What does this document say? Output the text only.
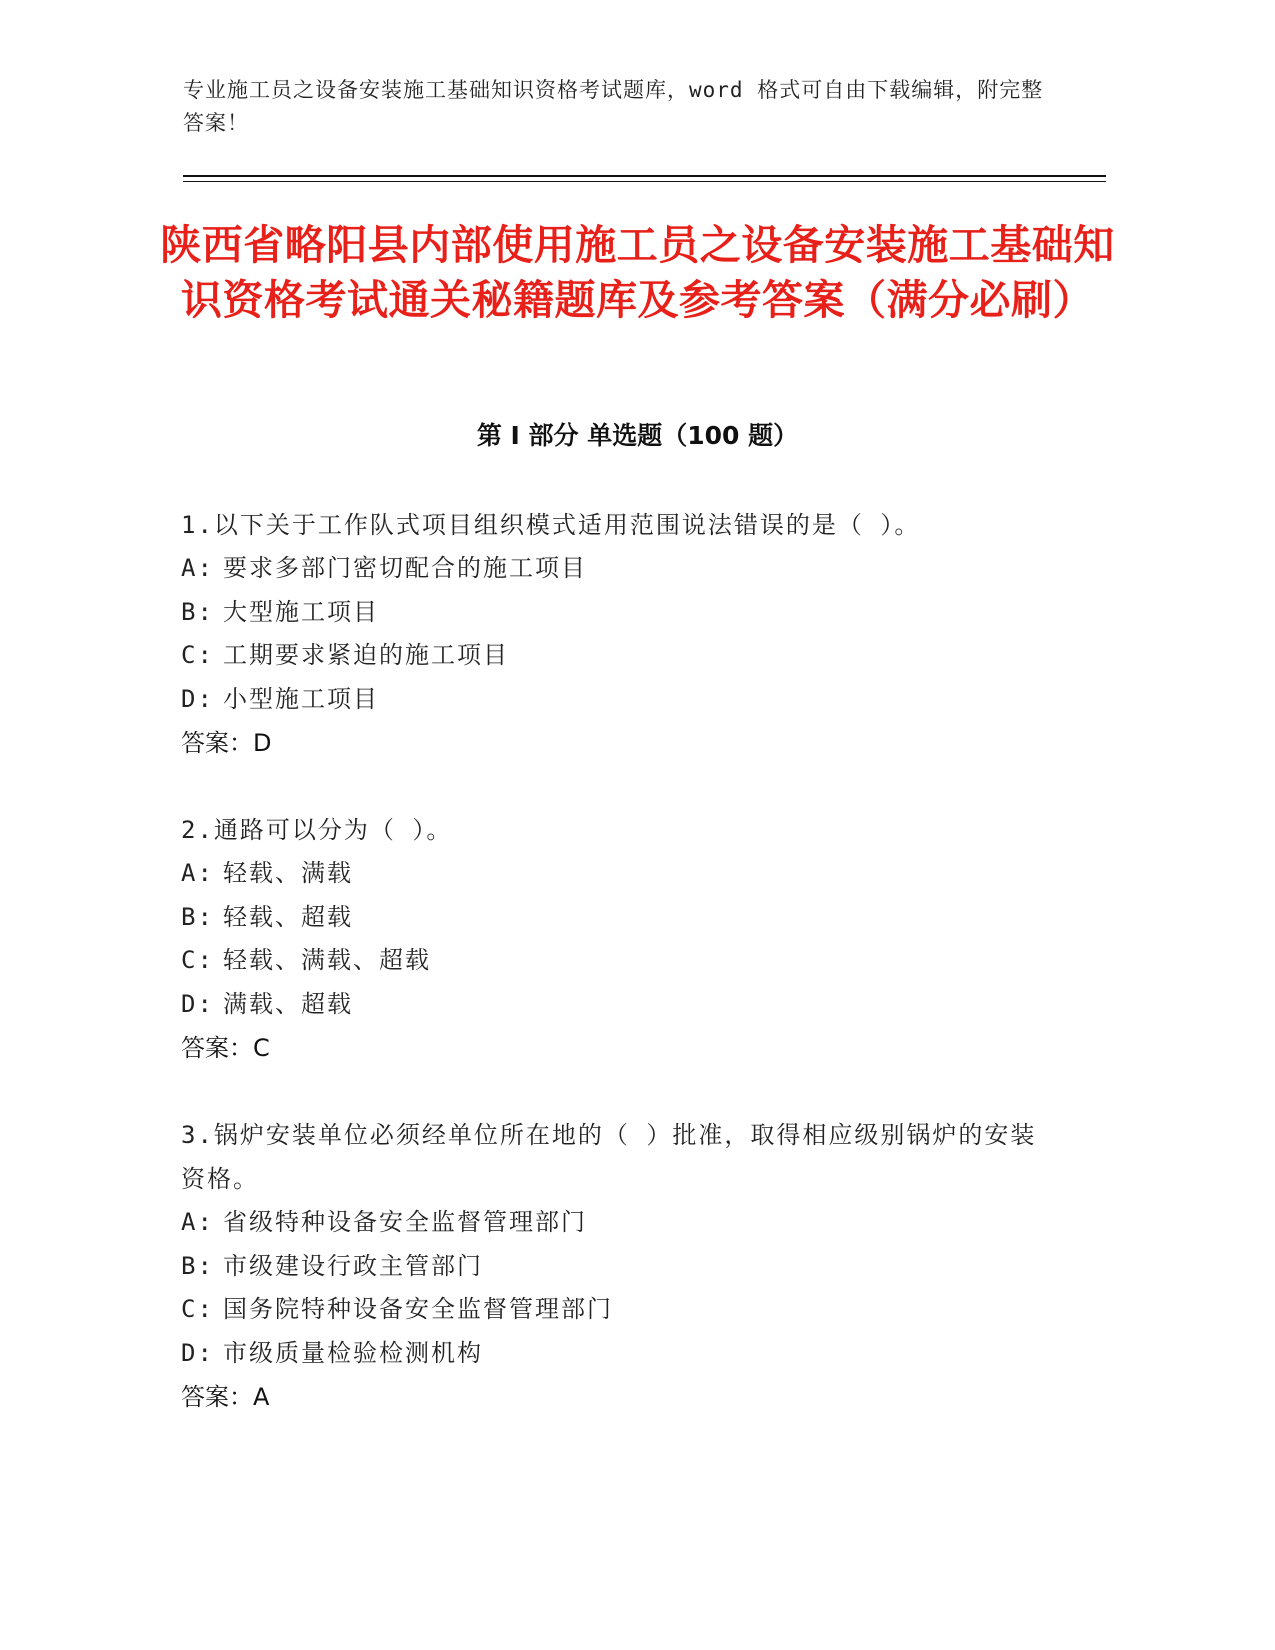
专业施工员之设备安装施工基础知识资格考试题库，word 格式可自由下载编辑，附完整答案！
陕西省略阳县内部使用施工员之设备安装施工基础知识资格考试通关秘籍题库及参考答案（满分必刷）
第 I 部分 单选题（100 题）
1.以下关于工作队式项目组织模式适用范围说法错误的是（ ）。
A: 要求多部门密切配合的施工项目
B: 大型施工项目
C: 工期要求紧迫的施工项目
D: 小型施工项目
答案：D
2.通路可以分为（ ）。
A: 轻载、满载
B: 轻载、超载
C: 轻载、满载、超载
D: 满载、超载
答案：C
3.锅炉安装单位必须经单位所在地的（ ）批准，取得相应级别锅炉的安装资格。
A: 省级特种设备安全监督管理部门
B: 市级建设行政主管部门
C: 国务院特种设备安全监督管理部门
D: 市级质量检验检测机构
答案：A
